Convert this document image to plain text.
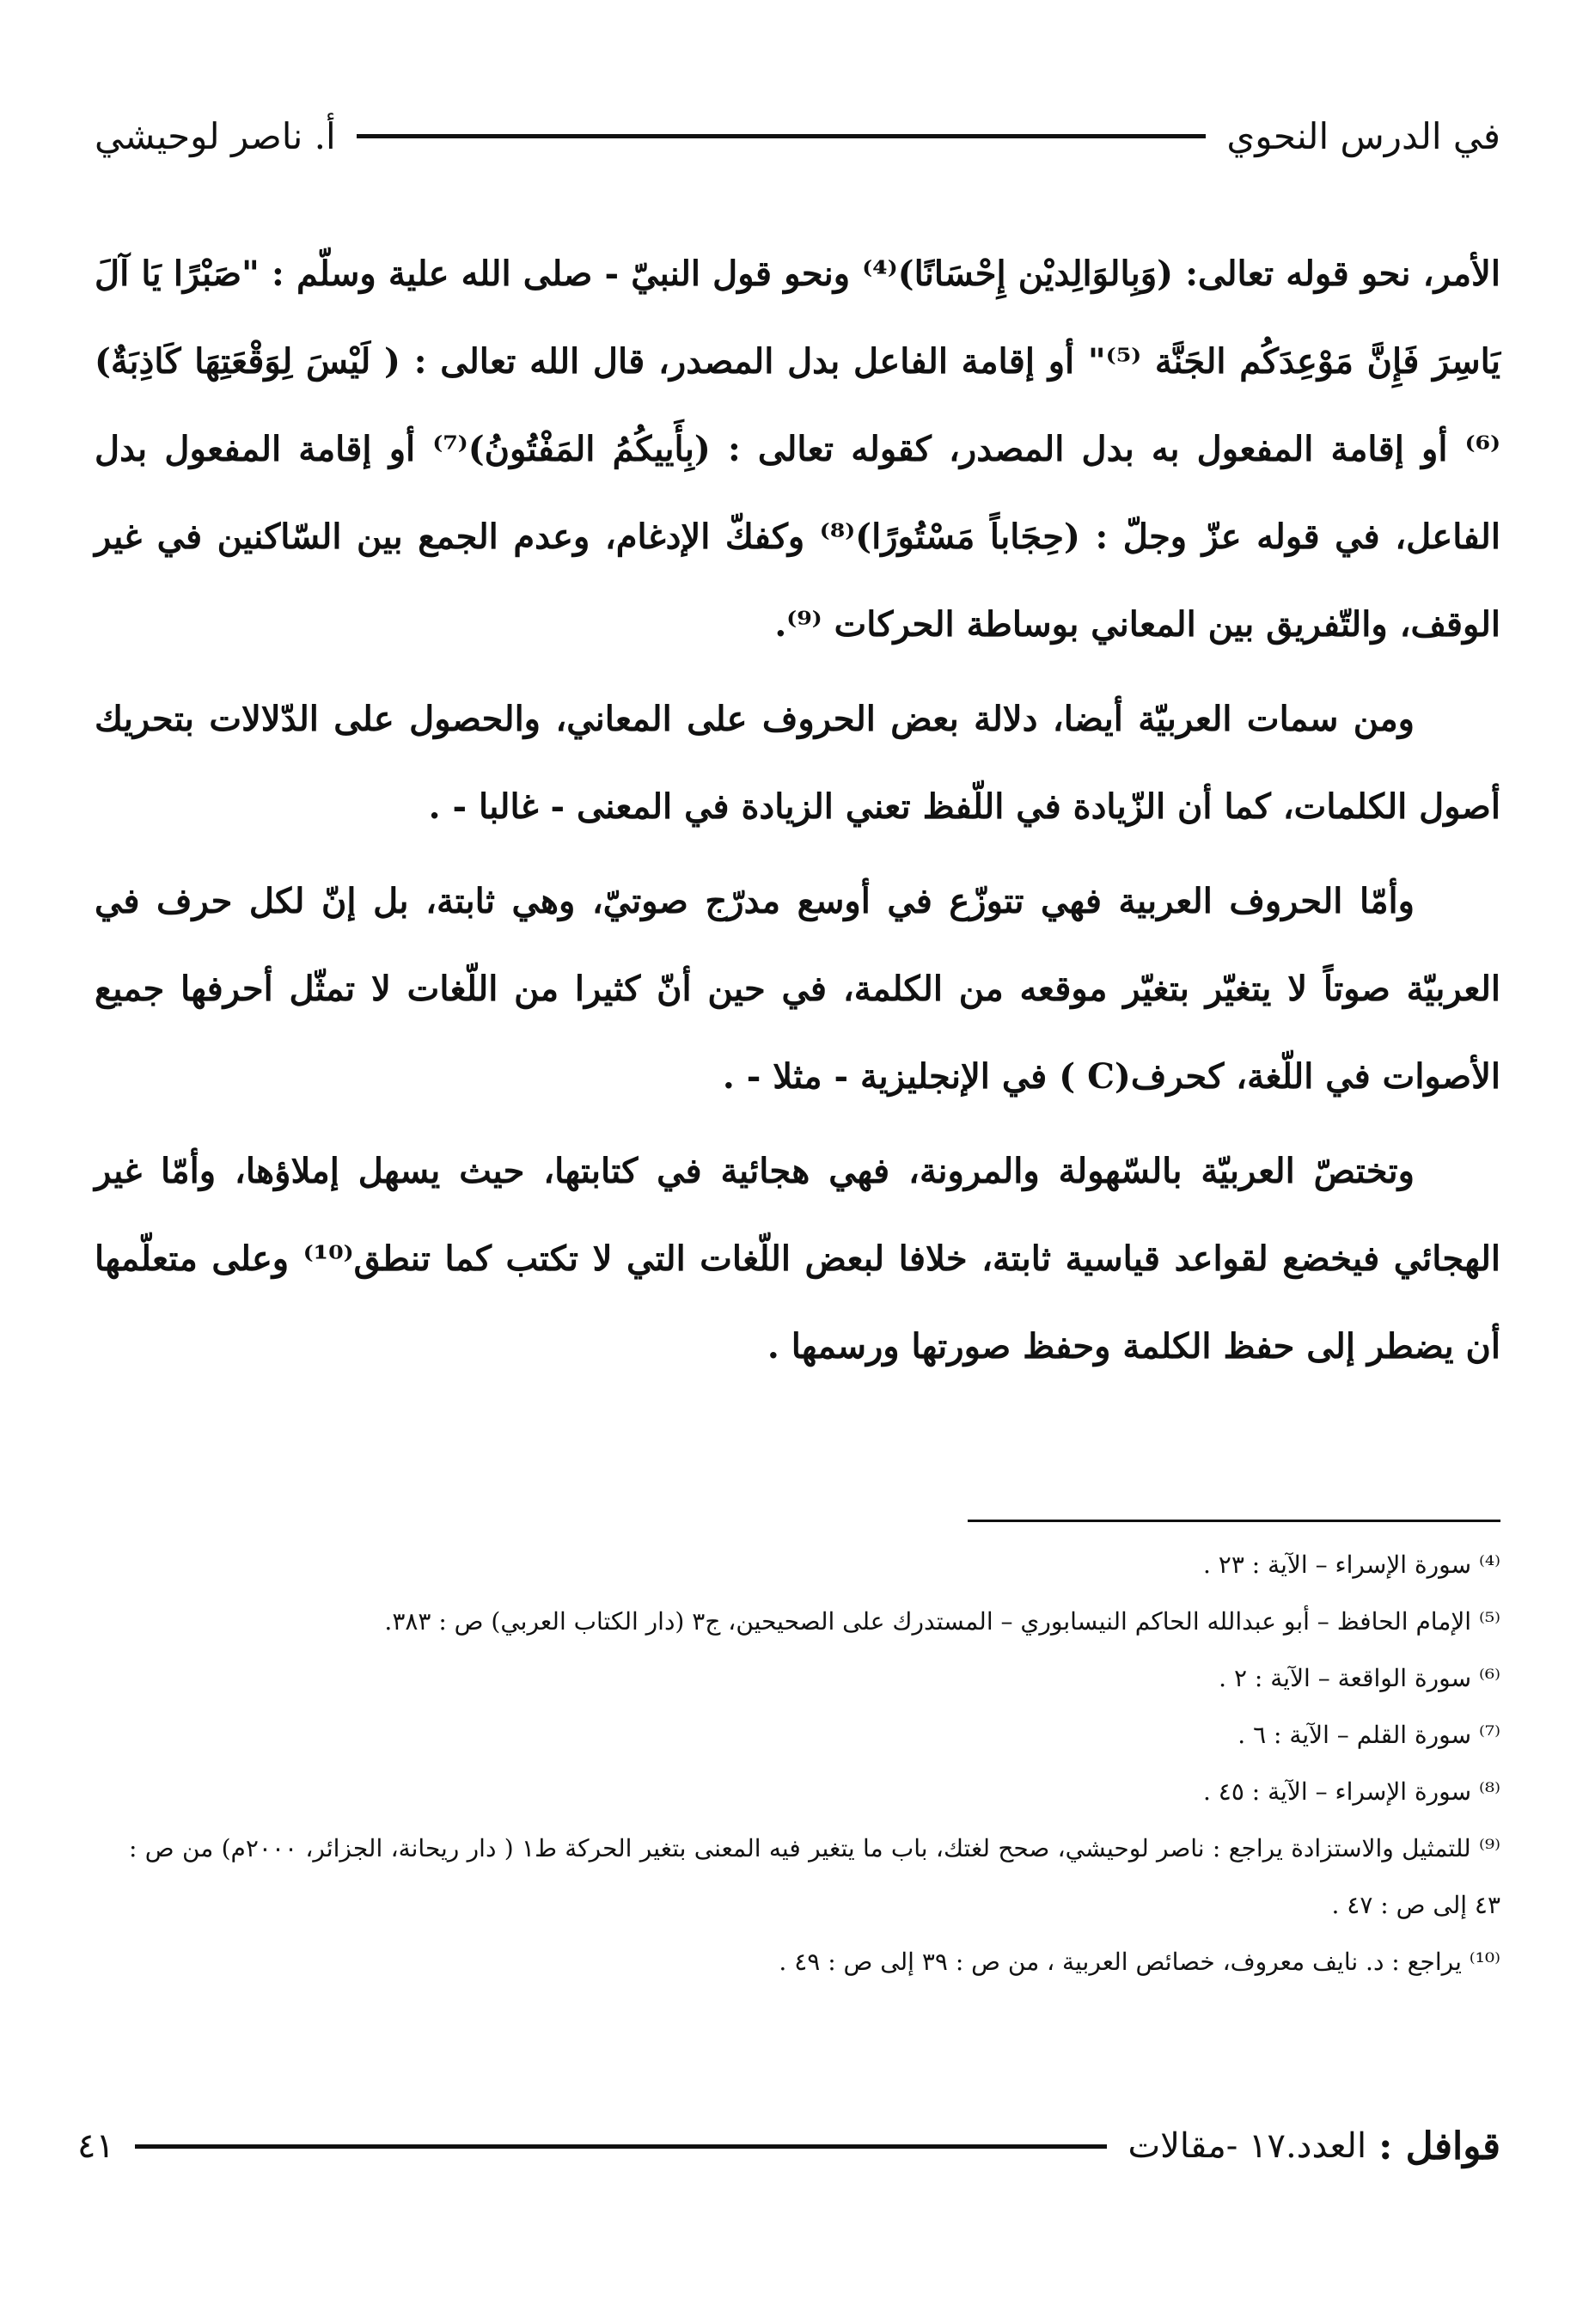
في الدرس النحوي
أ. ناصر لوحيشي

الأمر، نحو قوله تعالى: (وَبِالوَالِديْن إِحْسَانًا)⁽⁴⁾ ونحو قول النبيّ - صلى الله علية وسلّم : "صَبْرًا يَا آلَ يَاسِرَ فَإِنَّ مَوْعِدَكُم الجَنَّة ⁽⁵⁾" أو إقامة الفاعل بدل المصدر، قال الله تعالى : ( لَيْسَ لِوَقْعَتِهَا كَاذِبَةٌ)⁽⁶⁾ أو إقامة المفعول به بدل المصدر، كقوله تعالى : (بِأَييكُمُ المَفْتُونُ)⁽⁷⁾ أو إقامة المفعول بدل الفاعل، في قوله عزّ وجلّ : (حِجَاباً مَسْتُورًا)⁽⁸⁾ وكفكّ الإدغام، وعدم الجمع بين السّاكنين في غير الوقف، والتّفريق بين المعاني بوساطة الحركات ⁽⁹⁾.

ومن سمات العربيّة أيضا، دلالة بعض الحروف على المعاني، والحصول على الدّلالات بتحريك أصول الكلمات، كما أن الزّيادة في اللّفظ تعني الزيادة في المعنى - غالبا - .

وأمّا الحروف العربية فهي تتوزّع في أوسع مدرّج صوتيّ، وهي ثابتة، بل إنّ لكل حرف في العربيّة صوتاً لا يتغيّر بتغيّر موقعه من الكلمة، في حين أنّ كثيرا من اللّغات لا تمثّل أحرفها جميع الأصوات في اللّغة، كحرف(C ) في الإنجليزية - مثلا - .

وتختصّ العربيّة بالسّهولة والمرونة، فهي هجائية في كتابتها، حيث يسهل إملاؤها، وأمّا غير الهجائي فيخضع لقواعد قياسية ثابتة، خلافا لبعض اللّغات التي لا تكتب كما تنطق⁽¹⁰⁾ وعلى متعلّمها أن يضطر إلى حفظ الكلمة وحفظ صورتها ورسمها .

⁽⁴⁾ سورة الإسراء – الآية : ٢٣ .
⁽⁵⁾ الإمام الحافظ – أبو عبدالله الحاكم النيسابوري – المستدرك على الصحيحين، ج٣ (دار الكتاب العربي) ص : ٣٨٣.
⁽⁶⁾ سورة الواقعة – الآية : ٢ .
⁽⁷⁾ سورة القلم – الآية : ٦ .
⁽⁸⁾ سورة الإسراء – الآية : ٤٥ .
⁽⁹⁾ للتمثيل والاستزادة يراجع : ناصر لوحيشي، صحح لغتك، باب ما يتغير فيه المعنى بتغير الحركة ط١ ( دار ريحانة، الجزائر، ٢٠٠٠م) من ص : ٤٣ إلى ص : ٤٧ .
⁽¹⁰⁾ يراجع : د. نايف معروف، خصائص العربية ، من ص : ٣٩ إلى ص : ٤٩ .
قوافل :
العدد.١٧ -مقالات
٤١
